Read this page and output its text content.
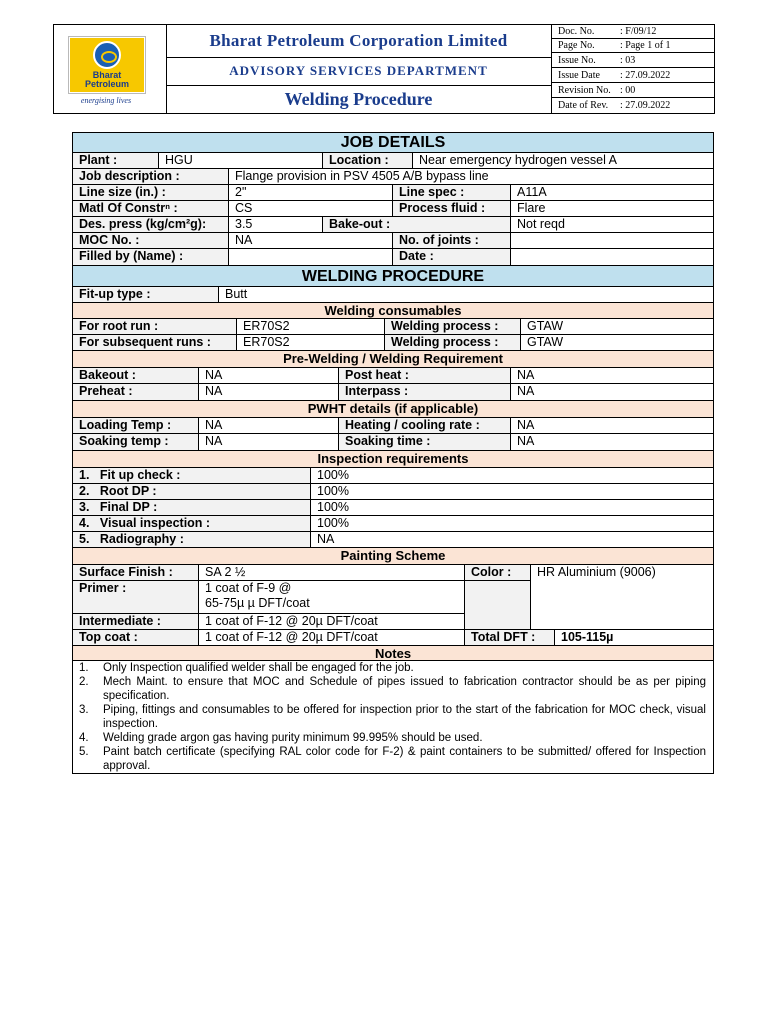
Bharat
Petroleum
energising lives
Bharat Petroleum Corporation Limited
ADVISORY SERVICES DEPARTMENT
Welding Procedure
Doc. No.	: F/09/12
Page No.	: Page 1 of 1
Issue No. : 03
Issue Date : 27.09.2022
Revision No. : 00
Date of Rev. : 27.09.2022
JOB DETAILS
Plant :	HGU	Location :	Near emergency hydrogen vessel A
Job description :	Flange provision in PSV 4505 A/B bypass line
Line size (in.) :	2"	Line spec :	A11A
Matl Of Constrⁿ :	CS	Process fluid :	Flare
Des. press (kg/cm²g):	3.5	Bake-out :	Not reqd
MOC No. :	NA	No. of joints :
Filled by (Name) :	Date :
WELDING PROCEDURE
Fit-up type :	Butt
Welding consumables
For root run :	ER70S2	Welding process :	GTAW
For subsequent runs :	ER70S2	Welding process :	GTAW
Pre-Welding / Welding Requirement
Bakeout :	NA	Post heat :	NA
Preheat :	NA	Interpass :	NA
PWHT details (if applicable)
Loading Temp :	NA	Heating / cooling rate :	NA
Soaking temp :	NA	Soaking time :	NA
Inspection requirements
1. Fit up check :	100%
2. Root DP :	100%
3. Final DP :	100%
4. Visual inspection :	100%
5. Radiography :	NA
Painting Scheme
Surface Finish :	SA 2 ½	Color :	HR Aluminium (9006)
Primer :	1 coat of F-9 @
65-75µ µ DFT/coat
Intermediate :	1 coat of F-12 @ 20µ DFT/coat
Top coat :	1 coat of F-12 @ 20µ DFT/coat	Total DFT :	105-115µ
Notes
1. Only Inspection qualified welder shall be engaged for the job.
2. Mech Maint. to ensure that MOC and Schedule of pipes issued to fabrication contractor should be as per piping specification.
3. Piping, fittings and consumables to be offered for inspection prior to the start of the fabrication for MOC check, visual inspection.
4. Welding grade argon gas having purity minimum 99.995% should be used.
5. Paint batch certificate (specifying RAL color code for F-2) & paint containers to be submitted/ offered for Inspection approval.
